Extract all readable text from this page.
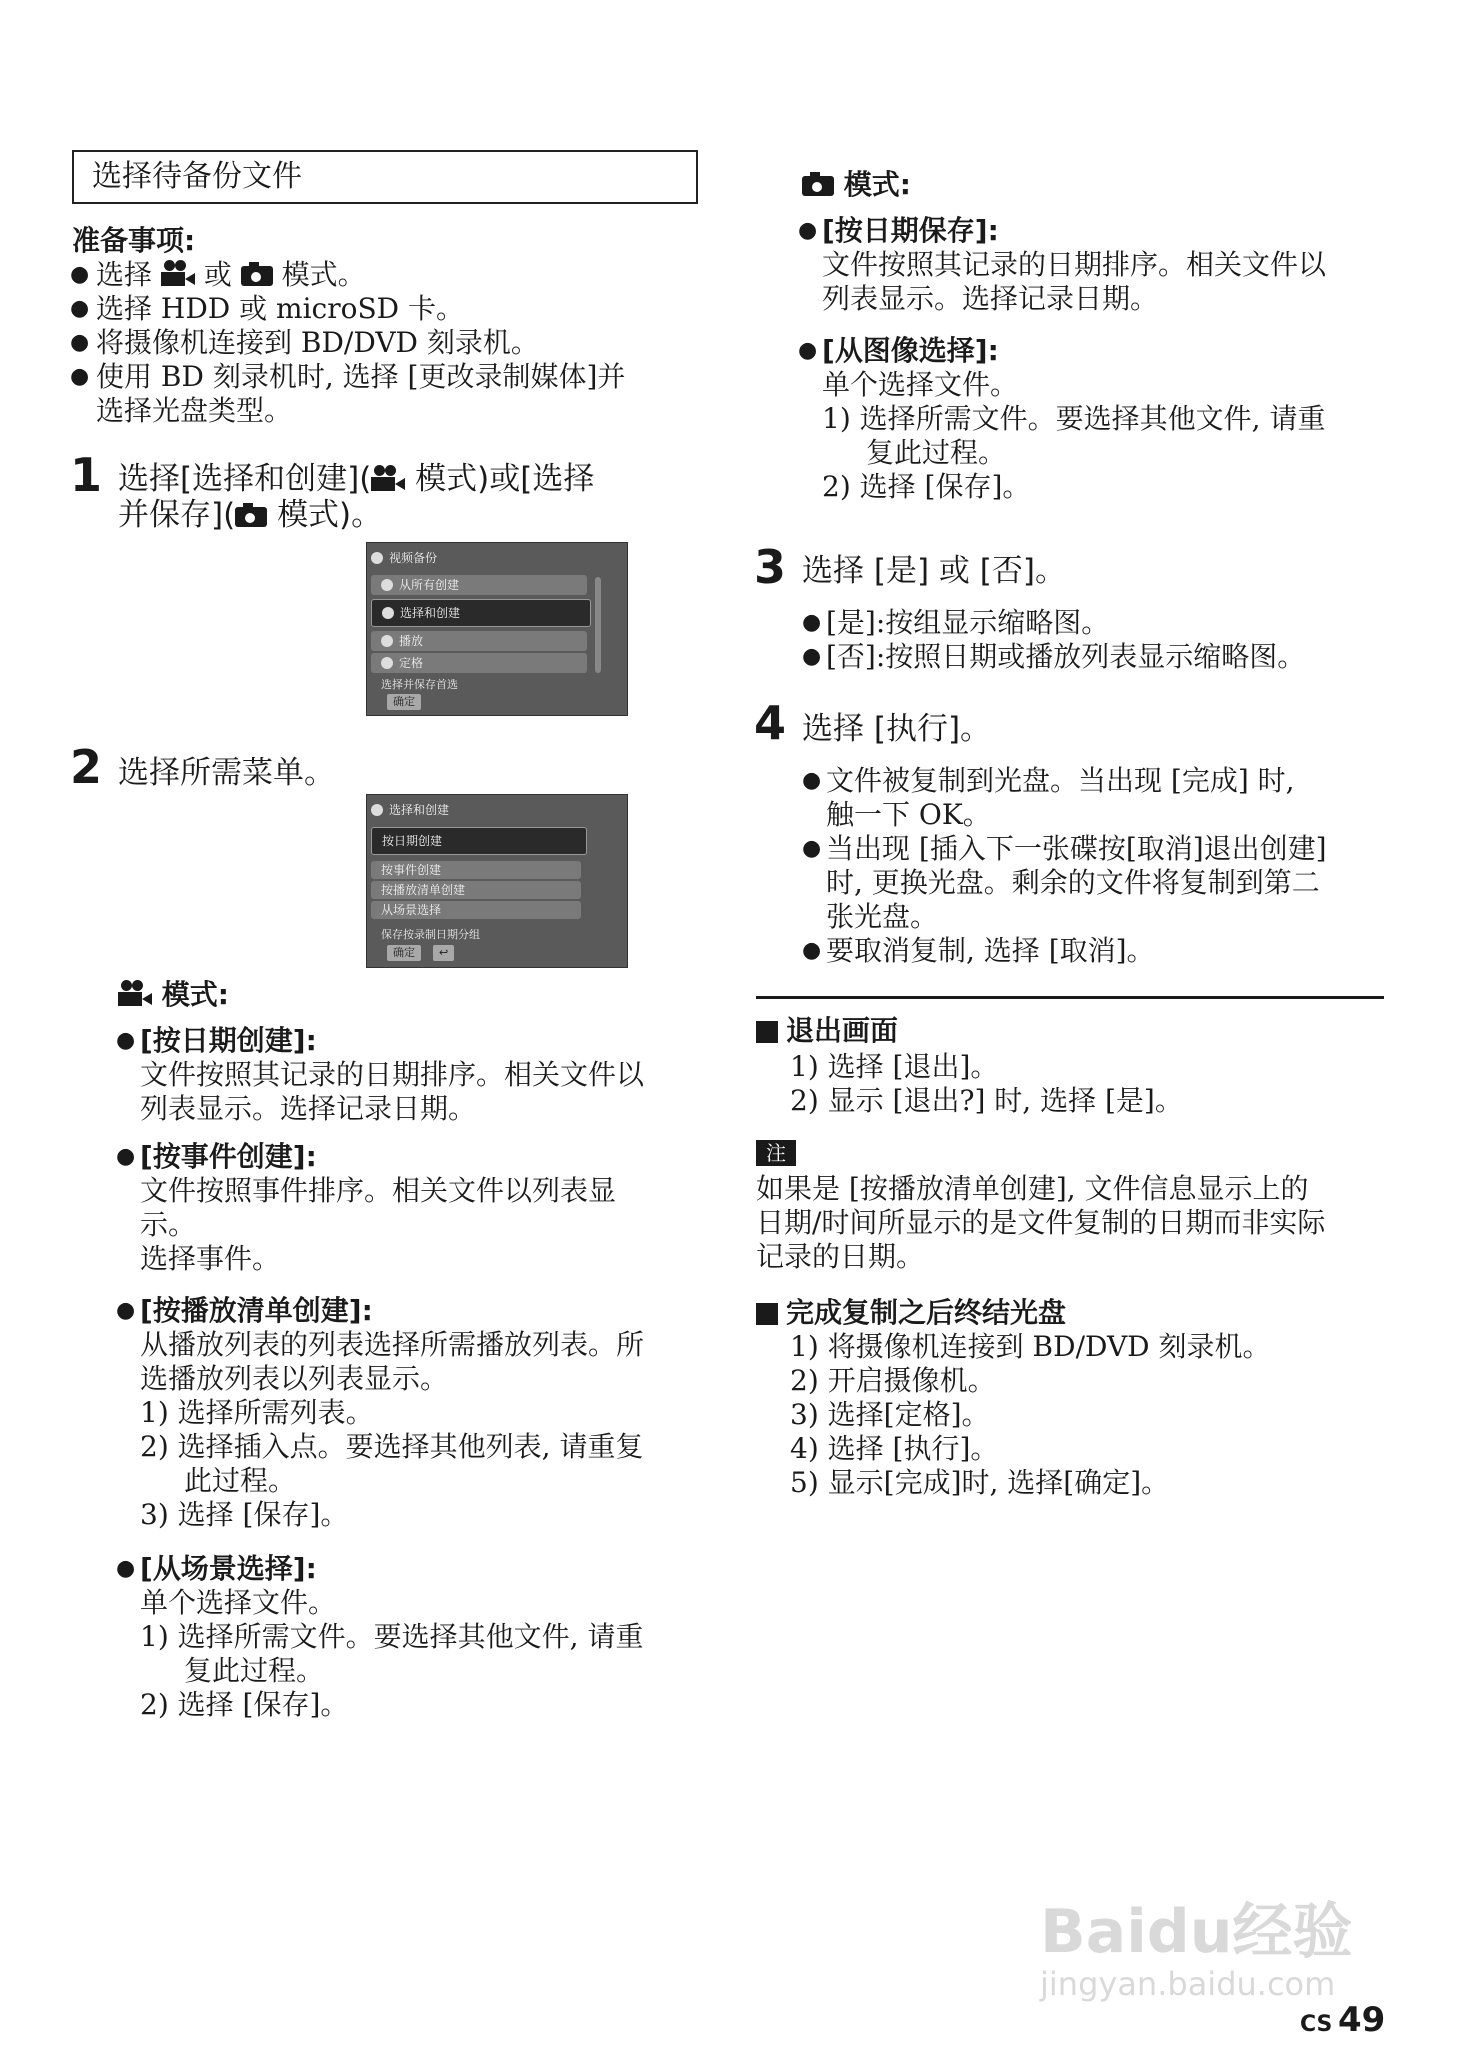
选择待备份文件
准备事项:
● 选择 或 模式。
● 选择 HDD 或 microSD 卡。
● 将摄像机连接到 BD/DVD 刻录机。
● 使用 BD 刻录机时, 选择 [更改录制媒体]并
选择光盘类型。
1 选择[选择和创建]( 模式)或[选择
并保存]( 模式)。
视频备份
从所有创建
选择和创建
播放
定格
选择并保存首选
确定
2 选择所需菜单。
选择和创建
按日期创建
按事件创建
按播放清单创建
从场景选择
保存按录制日期分组
确定	↩
模式:
● [按日期创建]:
文件按照其记录的日期排序。相关文件以
列表显示。选择记录日期。
● [按事件创建]:
文件按照事件排序。相关文件以列表显
示。
选择事件。
● [按播放清单创建]:
从播放列表的列表选择所需播放列表。所
选播放列表以列表显示。
1) 选择所需列表。
2) 选择插入点。要选择其他列表, 请重复
此过程。
3) 选择 [保存]。
● [从场景选择]:
单个选择文件。
1) 选择所需文件。要选择其他文件, 请重
复此过程。
2) 选择 [保存]。
模式:
● [按日期保存]:
文件按照其记录的日期排序。相关文件以
列表显示。选择记录日期。
● [从图像选择]:
单个选择文件。
1) 选择所需文件。要选择其他文件, 请重
复此过程。
2) 选择 [保存]。
3 选择 [是] 或 [否]。
● [是]:按组显示缩略图。
● [否]:按照日期或播放列表显示缩略图。
4 选择 [执行]。
● 文件被复制到光盘。当出现 [完成] 时,
触一下 OK。
● 当出现 [插入下一张碟按[取消]退出创建]
时, 更换光盘。剩余的文件将复制到第二
张光盘。
● 要取消复制, 选择 [取消]。
退出画面
1) 选择 [退出]。
2) 显示 [退出?] 时, 选择 [是]。
注
如果是 [按播放清单创建], 文件信息显示上的
日期/时间所显示的是文件复制的日期而非实际
记录的日期。
完成复制之后终结光盘
1) 将摄像机连接到 BD/DVD 刻录机。
2) 开启摄像机。
3) 选择[定格]。
4) 选择 [执行]。
5) 显示[完成]时, 选择[确定]。
Baidu经验
jingyan.baidu.com
CS 49
